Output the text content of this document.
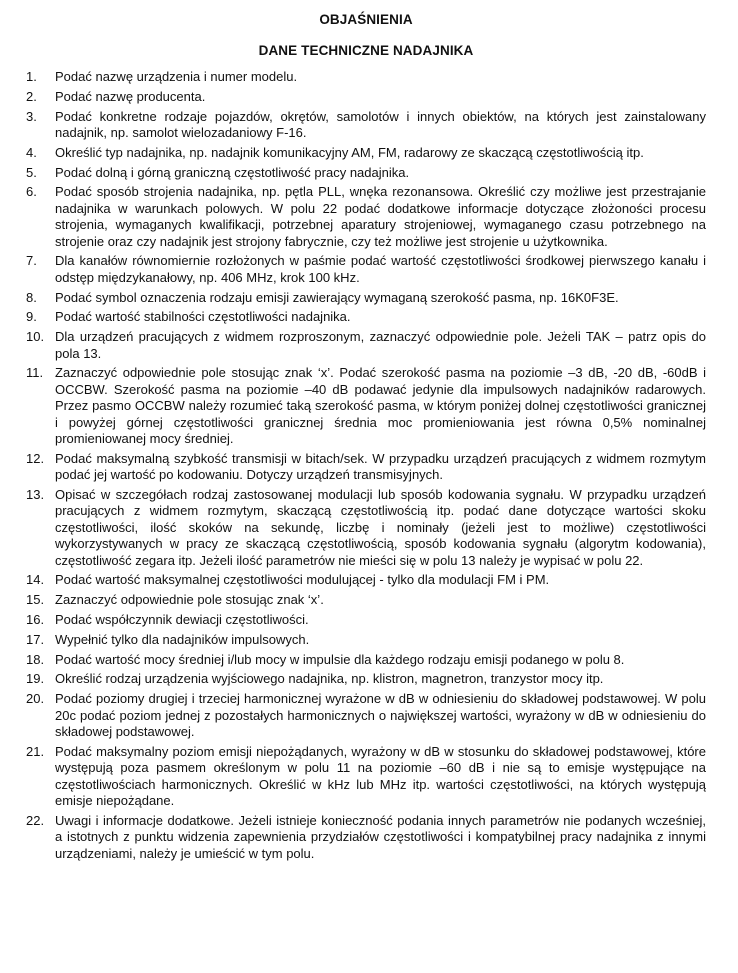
OBJAŚNIENIA
DANE TECHNICZNE NADAJNIKA
1.	Podać nazwę urządzenia i numer modelu.
2.	Podać nazwę producenta.
3.	Podać konkretne rodzaje pojazdów, okrętów, samolotów i innych obiektów, na których jest zainstalowany nadajnik, np. samolot wielozadaniowy F-16.
4.	Określić typ nadajnika, np. nadajnik komunikacyjny AM, FM, radarowy ze skaczącą częstotliwością itp.
5.	Podać dolną i górną graniczną częstotliwość pracy nadajnika.
6.	Podać sposób strojenia nadajnika, np. pętla PLL, wnęka rezonansowa. Określić czy możliwe jest przestrajanie nadajnika w warunkach polowych. W polu 22 podać dodatkowe informacje dotyczące złożoności procesu strojenia, wymaganych kwalifikacji, potrzebnej aparatury strojeniowej, wymaganego czasu potrzebnego na strojenie oraz czy nadajnik jest strojony fabrycznie, czy też możliwe jest strojenie u użytkownika.
7.	Dla kanałów równomiernie rozłożonych w paśmie podać wartość częstotliwości środkowej pierwszego kanału i odstęp międzykanałowy, np. 406 MHz, krok 100 kHz.
8.	Podać symbol oznaczenia rodzaju emisji zawierający wymaganą szerokość pasma, np. 16K0F3E.
9.	Podać wartość stabilności częstotliwości nadajnika.
10. Dla urządzeń pracujących z widmem rozproszonym, zaznaczyć odpowiednie pole. Jeżeli TAK – patrz opis do pola 13.
11. Zaznaczyć odpowiednie pole stosując znak ‘x’. Podać szerokość pasma na poziomie –3 dB, -20 dB, -60dB i OCCBW. Szerokość pasma na poziomie –40 dB podawać jedynie dla impulsowych nadajników radarowych. Przez pasmo OCCBW należy rozumieć taką szerokość pasma, w którym poniżej dolnej częstotliwości granicznej i powyżej górnej częstotliwości granicznej średnia moc promieniowania jest równa 0,5% nominalnej promieniowanej mocy średniej.
12. Podać maksymalną szybkość transmisji w bitach/sek. W przypadku urządzeń pracujących z widmem rozmytym podać jej wartość po kodowaniu. Dotyczy urządzeń transmisyjnych.
13. Opisać w szczegółach rodzaj zastosowanej modulacji lub sposób kodowania sygnału. W przypadku urządzeń pracujących z widmem rozmytym, skaczącą częstotliwością itp. podać dane dotyczące wartości skoku częstotliwości, ilość skoków na sekundę, liczbę i nominały (jeżeli jest to możliwe) częstotliwości wykorzystywanych w pracy ze skaczącą częstotliwością, sposób kodowania sygnału (algorytm kodowania), częstotliwość zegara itp. Jeżeli ilość parametrów nie mieści się w polu 13 należy je wypisać w polu 22.
14. Podać wartość maksymalnej częstotliwości modulującej - tylko dla modulacji FM i PM.
15. Zaznaczyć odpowiednie pole stosując znak ‘x’.
16. Podać współczynnik dewiacji częstotliwości.
17. Wypełnić tylko dla nadajników impulsowych.
18. Podać wartość mocy średniej i/lub mocy w impulsie dla każdego rodzaju emisji podanego w polu 8.
19. Określić rodzaj urządzenia wyjściowego nadajnika, np. klistron, magnetron, tranzystor mocy itp.
20. Podać poziomy drugiej i trzeciej harmonicznej wyrażone w dB w odniesieniu do składowej podstawowej. W polu 20c podać poziom jednej z pozostałych harmonicznych o największej wartości, wyrażony w dB w odniesieniu do składowej podstawowej.
21. Podać maksymalny poziom emisji niepożądanych, wyrażony w dB w stosunku do składowej podstawowej, które występują poza pasmem określonym w polu 11 na poziomie –60 dB i nie są to emisje występujące na częstotliwościach harmonicznych. Określić w kHz lub MHz itp. wartości częstotliwości, na których występują emisje niepożądane.
22. Uwagi i informacje dodatkowe. Jeżeli istnieje konieczność podania innych parametrów nie podanych wcześniej, a istotnych z punktu widzenia zapewnienia przydziałów częstotliwości i kompatybilnej pracy nadajnika z innymi urządzeniami, należy je umieścić w tym polu.
